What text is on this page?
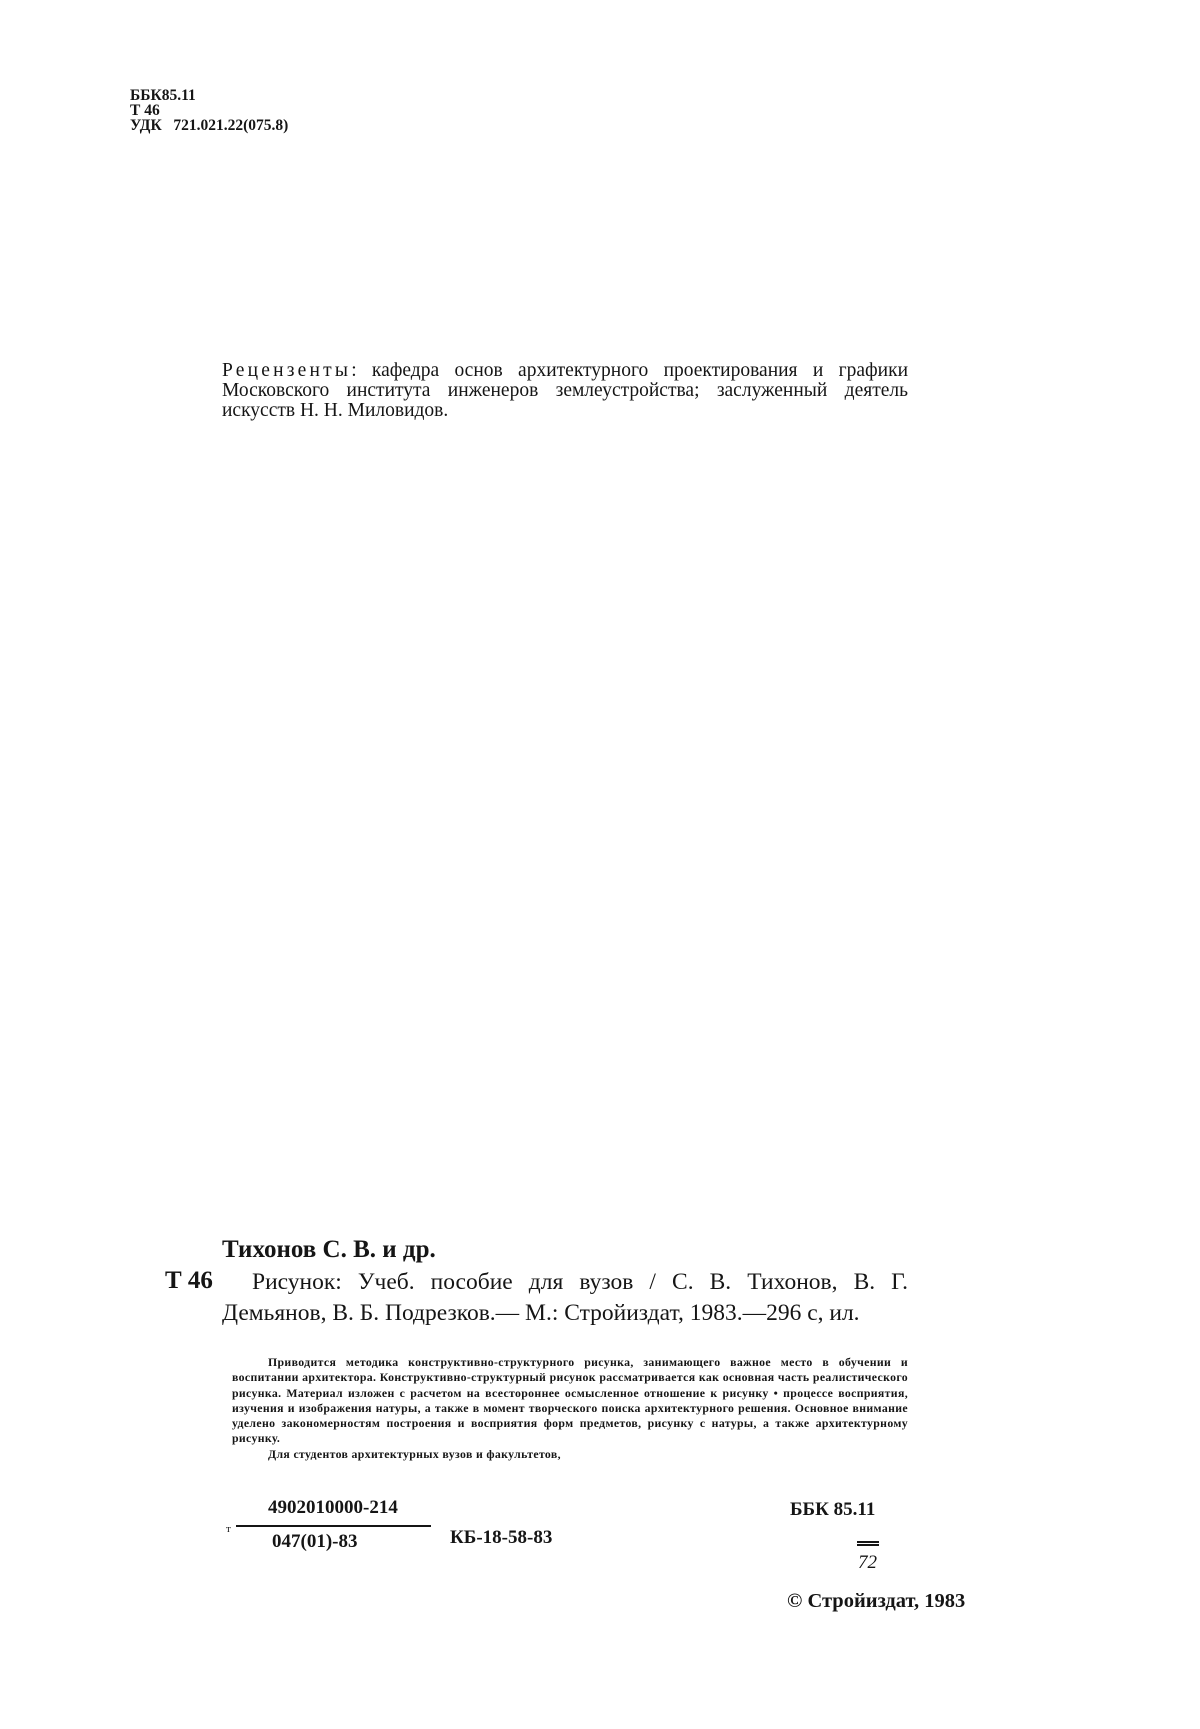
ББК85.11
Т 46
УДК   721.021.22(075.8)
Рецензенты: кафедра основ архитектурного проектирования и графики Московского института инженеров землеустройства; заслуженный деятель искусств Н. Н. Миловидов.
Тихонов С. В. и др.
Т 46	Рисунок: Учеб. пособие для вузов / С. В. Тихонов, В. Г. Демьянов, В. Б. Подрезков.— М.: Стройиздат, 1983.—296 с, ил.

Приводится методика конструктивно-структурного рисунка, занимающего важное место в обучении и воспитании архитектора. Конструктивно-структурный рисунок рассматривается как основная часть реалистического рисунка. Материал изложен с расчетом на всестороннее осмысленное отношение к рисунку • процессе восприятия, изучения и изображения натуры, а также в момент творческого поиска архитектурного решения. Основное внимание уделено закономерностям построения и восприятия форм предметов, рисунку с натуры, а также архитектурному рисунку.

Для студентов архитектурных вузов и факультетов,

т
4902010000-214
047(01)-83	КБ-18-58-83
ББК 85.11
72
© Стройиздат, 1983
